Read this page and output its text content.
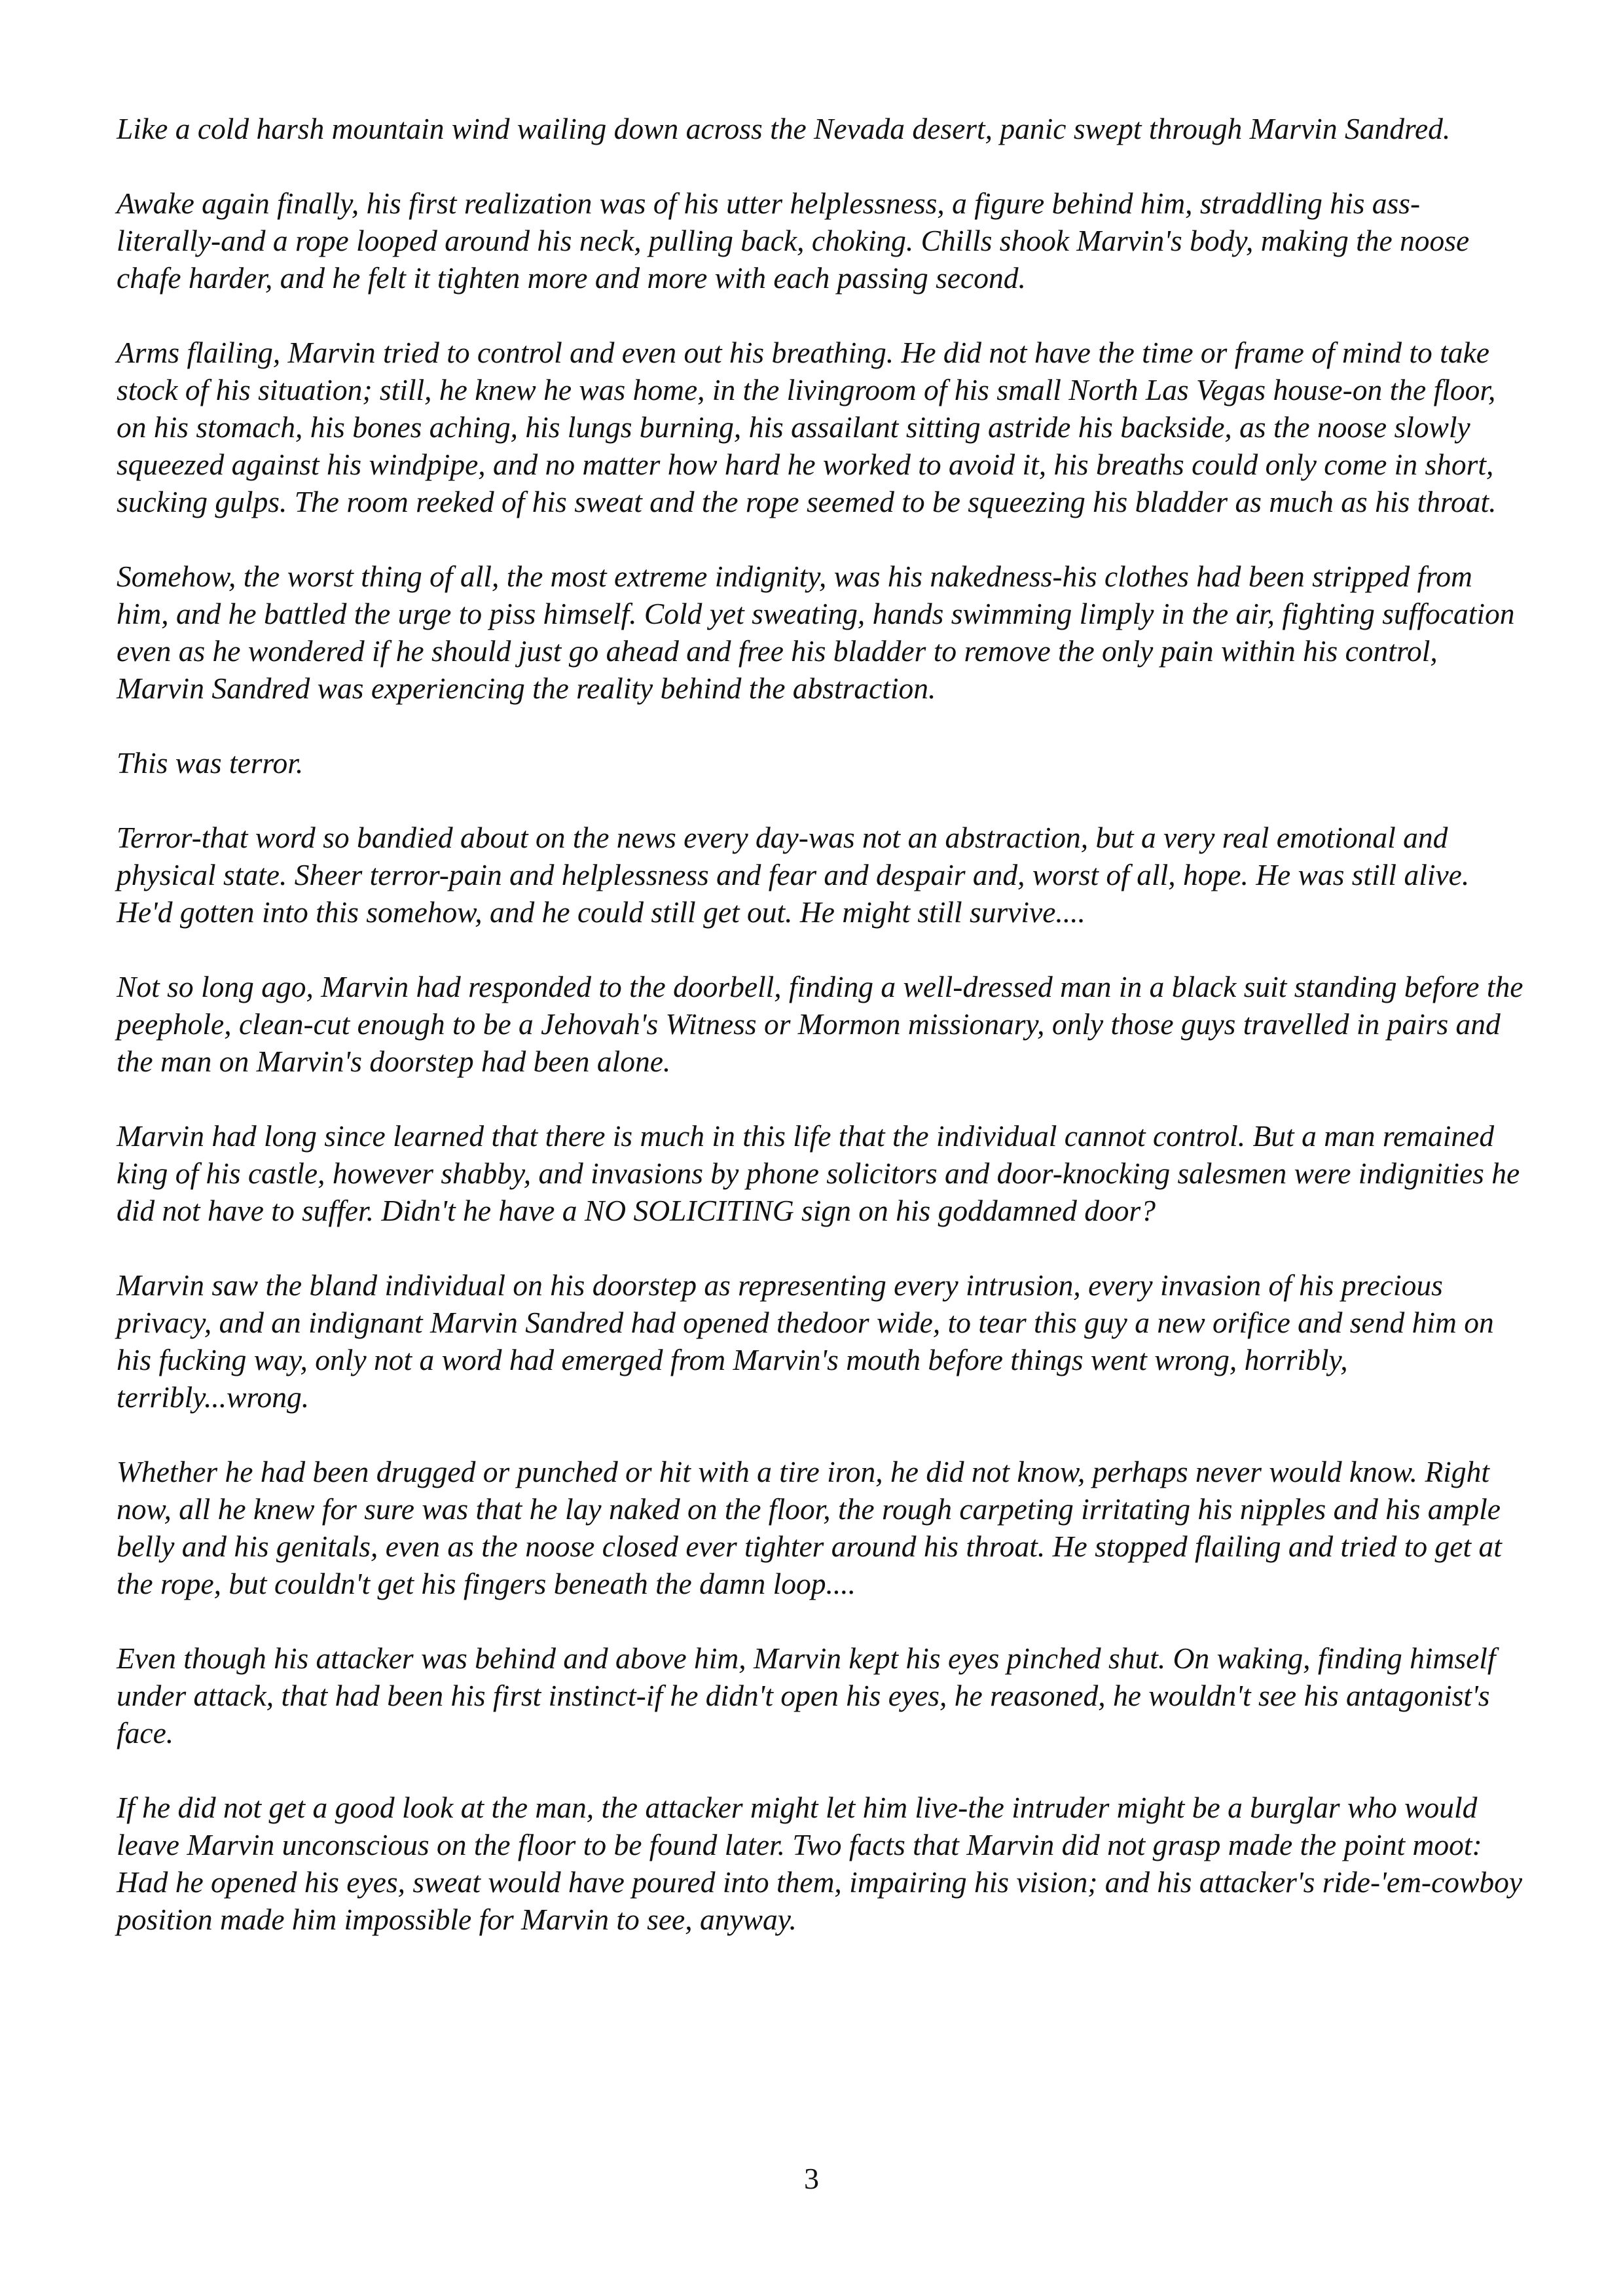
Like a cold harsh mountain wind wailing down across the Nevada desert, panic swept through Marvin Sandred.

Awake again finally, his first realization was of his utter helplessness, a figure behind him, straddling his ass-literally-and a rope looped around his neck, pulling back, choking. Chills shook Marvin's body, making the noose chafe harder, and he felt it tighten more and more with each passing second.

Arms flailing, Marvin tried to control and even out his breathing. He did not have the time or frame of mind to take stock of his situation; still, he knew he was home, in the livingroom of his small North Las Vegas house-on the floor, on his stomach, his bones aching, his lungs burning, his assailant sitting astride his backside, as the noose slowly squeezed against his windpipe, and no matter how hard he worked to avoid it, his breaths could only come in short, sucking gulps. The room reeked of his sweat and the rope seemed to be squeezing his bladder as much as his throat.

Somehow, the worst thing of all, the most extreme indignity, was his nakedness-his clothes had been stripped from him, and he battled the urge to piss himself. Cold yet sweating, hands swimming limply in the air, fighting suffocation even as he wondered if he should just go ahead and free his bladder to remove the only pain within his control, Marvin Sandred was experiencing the reality behind the abstraction.

This was terror.

Terror-that word so bandied about on the news every day-was not an abstraction, but a very real emotional and physical state. Sheer terror-pain and helplessness and fear and despair and, worst of all, hope. He was still alive. He'd gotten into this somehow, and he could still get out. He might still survive....

Not so long ago, Marvin had responded to the doorbell, finding a well-dressed man in a black suit standing before the peephole, clean-cut enough to be a Jehovah's Witness or Mormon missionary, only those guys travelled in pairs and the man on Marvin's doorstep had been alone.

Marvin had long since learned that there is much in this life that the individual cannot control. But a man remained king of his castle, however shabby, and invasions by phone solicitors and door-knocking salesmen were indignities he did not have to suffer. Didn't he have a NO SOLICITING sign on his goddamned door?

Marvin saw the bland individual on his doorstep as representing every intrusion, every invasion of his precious privacy, and an indignant Marvin Sandred had opened thedoor wide, to tear this guy a new orifice and send him on his fucking way, only not a word had emerged from Marvin's mouth before things went wrong, horribly, terribly...wrong.

Whether he had been drugged or punched or hit with a tire iron, he did not know, perhaps never would know. Right now, all he knew for sure was that he lay naked on the floor, the rough carpeting irritating his nipples and his ample belly and his genitals, even as the noose closed ever tighter around his throat. He stopped flailing and tried to get at the rope, but couldn't get his fingers beneath the damn loop....

Even though his attacker was behind and above him, Marvin kept his eyes pinched shut. On waking, finding himself under attack, that had been his first instinct-if he didn't open his eyes, he reasoned, he wouldn't see his antagonist's face.

If he did not get a good look at the man, the attacker might let him live-the intruder might be a burglar who would leave Marvin unconscious on the floor to be found later. Two facts that Marvin did not grasp made the point moot: Had he opened his eyes, sweat would have poured into them, impairing his vision; and his attacker's ride-'em-cowboy position made him impossible for Marvin to see, anyway.

3
